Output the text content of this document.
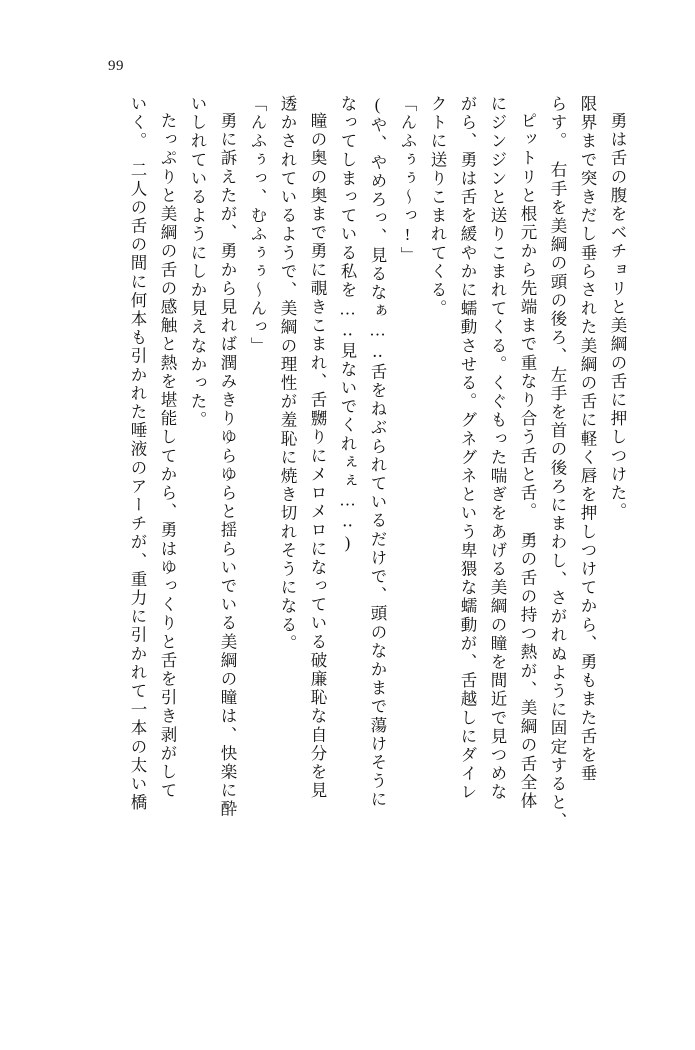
99
勇は舌の腹をベチョリと美綱の舌に押しつけた。
限界まで突きだし垂らされた美綱の舌に軽く唇を押しつけてから、勇もまた舌を垂
らす。　右手を美綱の頭の後ろ、左手を首の後ろにまわし、さがれぬように固定すると、
ピットリと根元から先端まで重なり合う舌と舌。　勇の舌の持つ熱が、美綱の舌全体
にジンジンと送りこまれてくる。くぐもった喘ぎをあげる美綱の瞳を間近で見つめな
がら、勇は舌を緩やかに蠕動させる。グネグネという卑猥な蠕動が、舌越しにダイレ
クトに送りこまれてくる。
「んふぅぅ～っ!」
(や、やめろっ、見るなぁ…‥舌をねぶられているだけで、頭のなかまで蕩けそうに
なってしまっている私を…‥見ないでくれぇぇ…‥)
瞳の奥の奥まで勇に覗きこまれ、舌嬲りにメロメロになっている破廉恥な自分を見
透かされているようで、美綱の理性が羞恥に焼き切れそうになる。
「んふぅっ、むふぅぅ～んっ」
勇に訴えたが、勇から見れば潤みきりゆらゆらと揺らいでいる美綱の瞳は、快楽に酔
いしれているようにしか見えなかった。
たっぷりと美綱の舌の感触と熱を堪能してから、勇はゆっくりと舌を引き剥がして
いく。　二人の舌の間に何本も引かれた唾液のアーチが、重力に引かれて一本の太い橋
